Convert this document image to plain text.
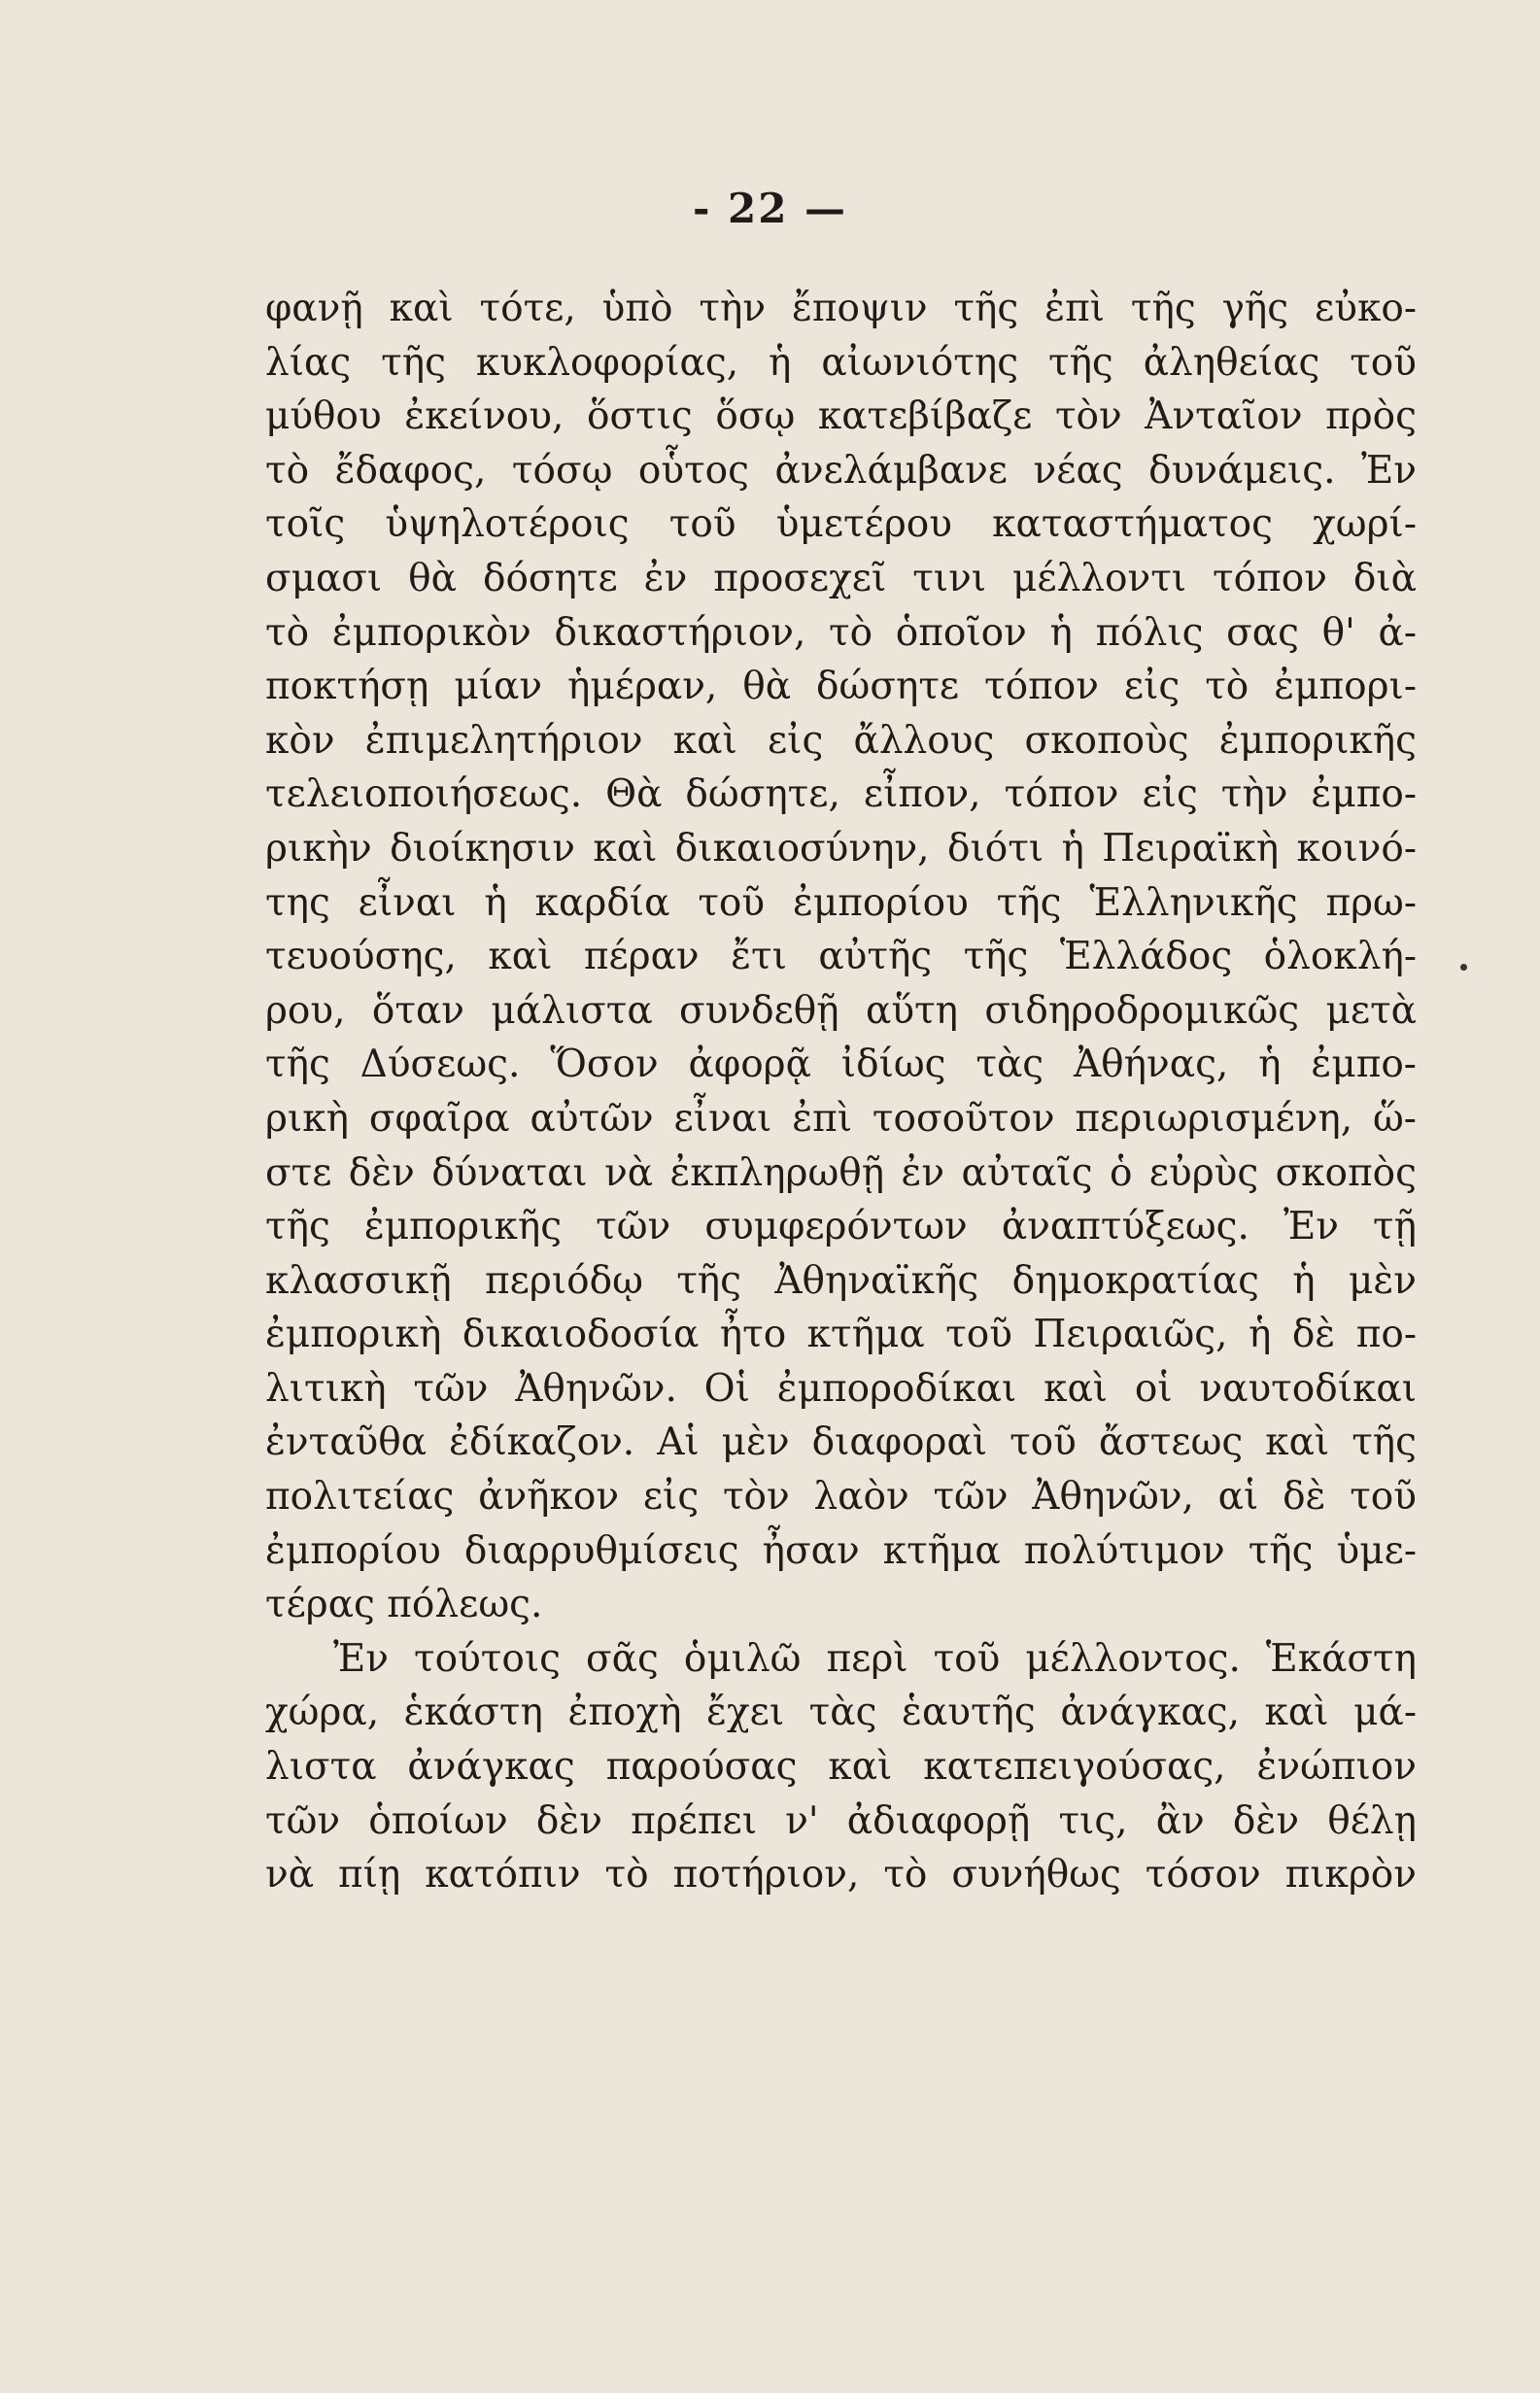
- 22 —
φανῇ καὶ τότε, ὑπὸ τὴν ἔποψιν τῆς ἐπὶ τῆς γῆς εὐκο-
λίας τῆς κυκλοφορίας, ἡ αἰωνιότης τῆς ἀληθείας τοῦ
μύθου ἐκείνου, ὅστις ὅσῳ κατεβίβαζε τὸν Ἀνταῖον πρὸς
τὸ ἔδαφος, τόσῳ οὗτος ἀνελάμβανε νέας δυνάμεις. Ἐν
τοῖς ὑψηλοτέροις τοῦ ὑμετέρου καταστήματος χωρί-
σμασι θὰ δόσητε ἐν προσεχεῖ τινι μέλλοντι τόπον διὰ
τὸ ἐμπορικὸν δικαστήριον, τὸ ὁποῖον ἡ πόλις σας θ' ἀ-
ποκτήσῃ μίαν ἡμέραν, θὰ δώσητε τόπον εἰς τὸ ἐμπορι-
κὸν ἐπιμελητήριον καὶ εἰς ἄλλους σκοποὺς ἐμπορικῆς
τελειοποιήσεως. Θὰ δώσητε, εἶπον, τόπον εἰς τὴν ἐμπο-
ρικὴν διοίκησιν καὶ δικαιοσύνην, διότι ἡ Πειραϊκὴ κοινό-
της εἶναι ἡ καρδία τοῦ ἐμπορίου τῆς Ἑλληνικῆς πρω-
τευούσης, καὶ πέραν ἔτι αὐτῆς τῆς Ἑλλάδος ὁλοκλή-
ρου, ὅταν μάλιστα συνδεθῇ αὕτη σιδηροδρομικῶς μετὰ
τῆς Δύσεως. Ὅσον ἀφορᾷ ἰδίως τὰς Ἀθήνας, ἡ ἐμπο-
ρικὴ σφαῖρα αὐτῶν εἶναι ἐπὶ τοσοῦτον περιωρισμένη, ὥ-
στε δὲν δύναται νὰ ἐκπληρωθῇ ἐν αὐταῖς ὁ εὐρὺς σκοπὸς
τῆς ἐμπορικῆς τῶν συμφερόντων ἀναπτύξεως. Ἐν τῇ
κλασσικῇ περιόδῳ τῆς Ἀθηναϊκῆς δημοκρατίας ἡ μὲν
ἐμπορικὴ δικαιοδοσία ἦτο κτῆμα τοῦ Πειραιῶς, ἡ δὲ πο-
λιτικὴ τῶν Ἀθηνῶν. Οἱ ἐμποροδίκαι καὶ οἱ ναυτοδίκαι
ἐνταῦθα ἐδίκαζον. Αἱ μὲν διαφοραὶ τοῦ ἄστεως καὶ τῆς
πολιτείας ἀνῆκον εἰς τὸν λαὸν τῶν Ἀθηνῶν, αἱ δὲ τοῦ
ἐμπορίου διαρρυθμίσεις ἦσαν κτῆμα πολύτιμον τῆς ὑμε-
τέρας πόλεως.
Ἐν τούτοις σᾶς ὁμιλῶ περὶ τοῦ μέλλοντος. Ἑκάστη
χώρα, ἑκάστη ἐποχὴ ἔχει τὰς ἑαυτῆς ἀνάγκας, καὶ μά-
λιστα ἀνάγκας παρούσας καὶ κατεπειγούσας, ἐνώπιον
τῶν ὁποίων δὲν πρέπει ν' ἀδιαφορῇ τις, ἂν δὲν θέλῃ
νὰ πίῃ κατόπιν τὸ ποτήριον, τὸ συνήθως τόσον πικρὸν
